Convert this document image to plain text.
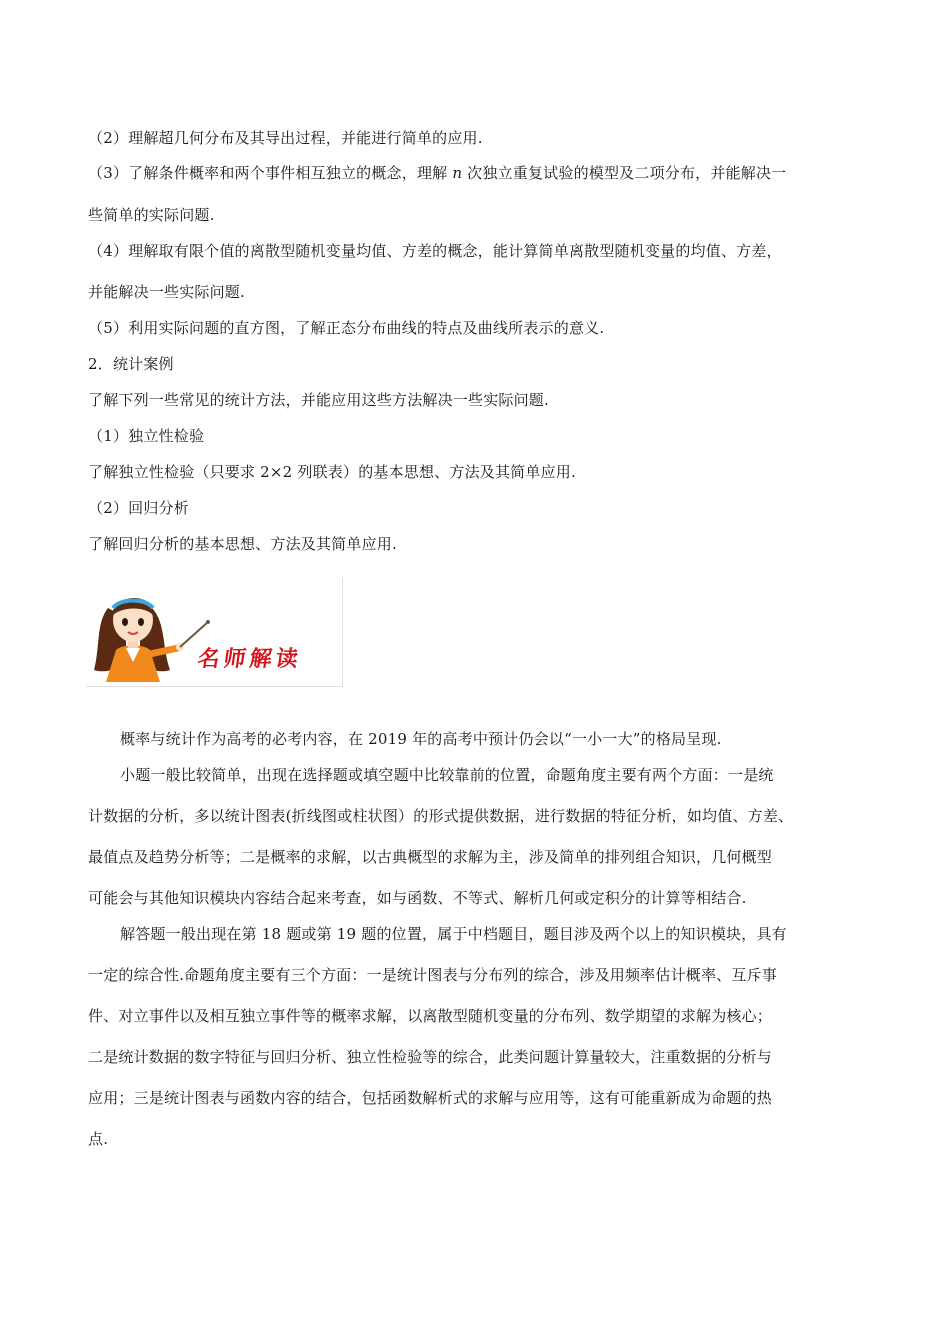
（2）理解超几何分布及其导出过程，并能进行简单的应用.
（3）了解条件概率和两个事件相互独立的概念，理解 n 次独立重复试验的模型及二项分布，并能解决一
些简单的实际问题.
（4）理解取有限个值的离散型随机变量均值、方差的概念，能计算简单离散型随机变量的均值、方差，
并能解决一些实际问题.
（5）利用实际问题的直方图，了解正态分布曲线的特点及曲线所表示的意义.
2．统计案例
了解下列一些常见的统计方法，并能应用这些方法解决一些实际问题.
（1）独立性检验
了解独立性检验（只要求 2×2 列联表）的基本思想、方法及其简单应用.
（2）回归分析
了解回归分析的基本思想、方法及其简单应用.
名师解读
概率与统计作为高考的必考内容，在 2019 年的高考中预计仍会以“一小一大”的格局呈现.
小题一般比较简单，出现在选择题或填空题中比较靠前的位置，命题角度主要有两个方面：一是统
计数据的分析，多以统计图表(折线图或柱状图）的形式提供数据，进行数据的特征分析，如均值、方差、
最值点及趋势分析等；二是概率的求解，以古典概型的求解为主，涉及简单的排列组合知识，几何概型
可能会与其他知识模块内容结合起来考查，如与函数、不等式、解析几何或定积分的计算等相结合.
解答题一般出现在第 18 题或第 19 题的位置，属于中档题目，题目涉及两个以上的知识模块，具有
一定的综合性.命题角度主要有三个方面：一是统计图表与分布列的综合，涉及用频率估计概率、互斥事
件、对立事件以及相互独立事件等的概率求解，以离散型随机变量的分布列、数学期望的求解为核心；
二是统计数据的数字特征与回归分析、独立性检验等的综合，此类问题计算量较大，注重数据的分析与
应用；三是统计图表与函数内容的结合，包括函数解析式的求解与应用等，这有可能重新成为命题的热
点.
